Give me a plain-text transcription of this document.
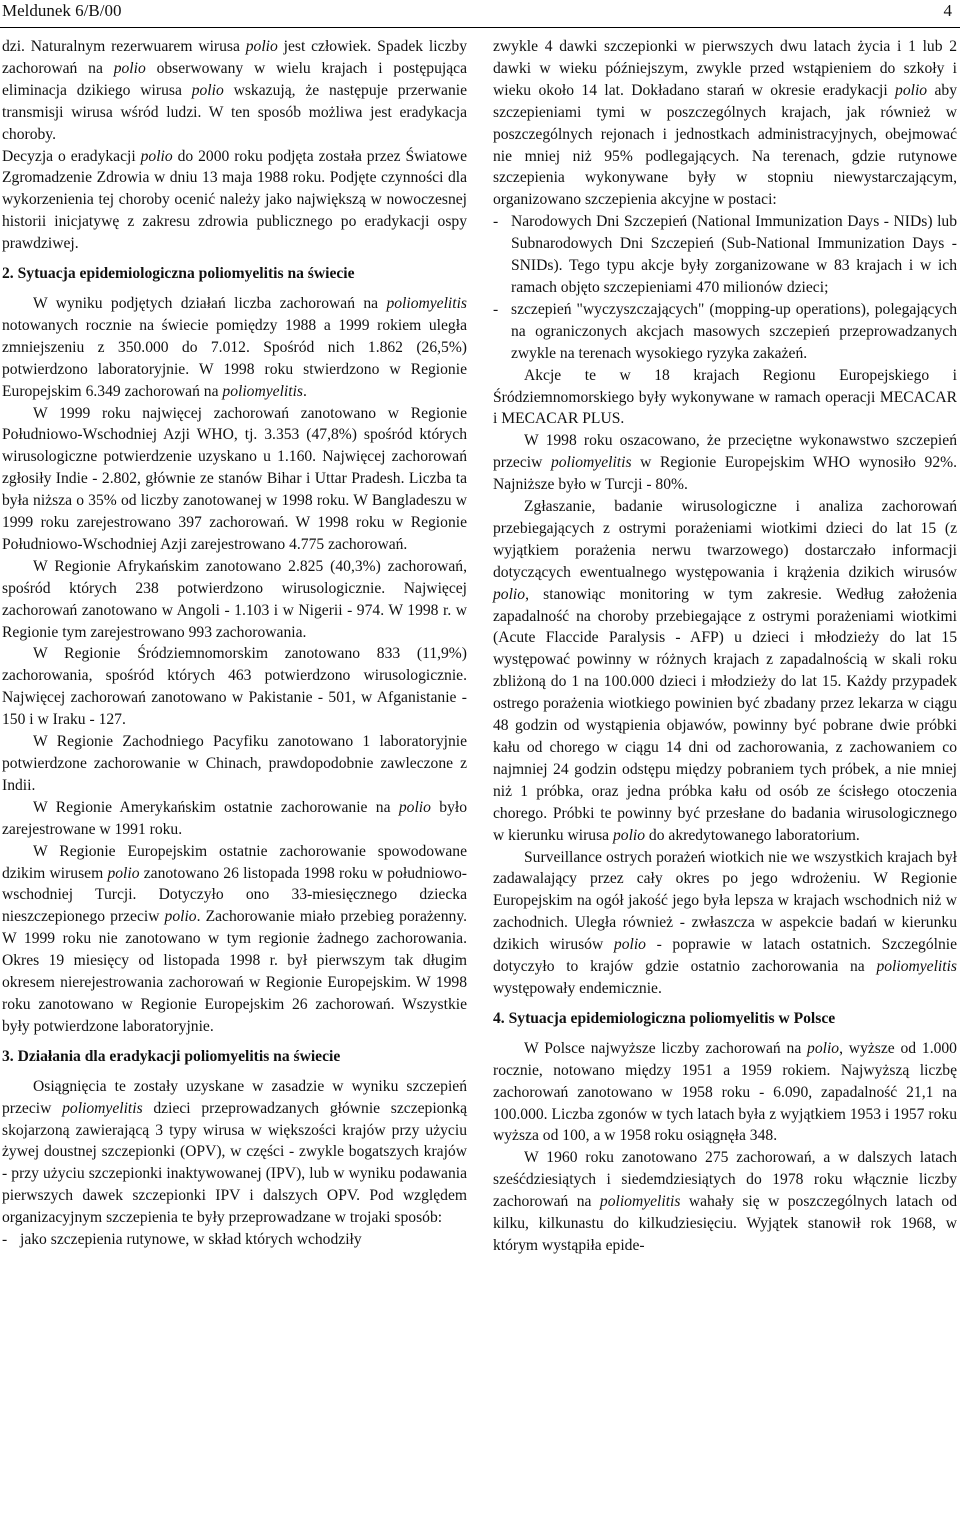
Meldunek 6/B/00	4

dzi. Naturalnym rezerwuarem wirusa polio jest człowiek. Spadek liczby zachorowań na polio obserwowany w wielu krajach i postępująca eliminacja dzikiego wirusa polio wskazują, że następuje przerwanie transmisji wirusa wśród ludzi. W ten sposób możliwa jest eradykacja choroby.

Decyzja o eradykacji polio do 2000 roku podjęta została przez Światowe Zgromadzenie Zdrowia w dniu 13 maja 1988 roku. Podjęte czynności dla wykorzenienia tej choroby ocenić należy jako największą w nowoczesnej historii inicjatywę z zakresu zdrowia publicznego po eradykacji ospy prawdziwej.

2. Sytuacja epidemiologiczna poliomyelitis na świecie

W wyniku podjętych działań liczba zachorowań na poliomyelitis notowanych rocznie na świecie pomiędzy 1988 a 1999 rokiem uległa zmniejszeniu z 350.000 do 7.012. Spośród nich 1.862 (26,5%) potwierdzono laboratoryjnie. W 1998 roku stwierdzono w Regionie Europejskim 6.349 zachorowań na poliomyelitis.

W 1999 roku najwięcej zachorowań zanotowano w Regionie Południowo-Wschodniej Azji WHO, tj. 3.353 (47,8%) spośród których wirusologiczne potwierdzenie uzyskano u 1.160. Najwięcej zachorowań zgłosiły Indie - 2.802, głównie ze stanów Bihar i Uttar Pradesh. Liczba ta była niższa o 35% od liczby zanotowanej w 1998 roku. W Bangladeszu w 1999 roku zarejestrowano 397 zachorowań. W 1998 roku w Regionie Południowo-Wschodniej Azji zarejestrowano 4.775 zachorowań.

W Regionie Afrykańskim zanotowano 2.825 (40,3%) zachorowań, spośród których 238 potwierdzono wirusologicznie. Najwięcej zachorowań zanotowano w Angoli - 1.103 i w Nigerii - 974. W 1998 r. w Regionie tym zarejestrowano 993 zachorowania.

W Regionie Śródziemnomorskim zanotowano 833 (11,9%) zachorowania, spośród których 463 potwierdzono wirusologicznie. Najwięcej zachorowań zanotowano w Pakistanie - 501, w Afganistanie - 150 i w Iraku - 127.

W Regionie Zachodniego Pacyfiku zanotowano 1 laboratoryjnie potwierdzone zachorowanie w Chinach, prawdopodobnie zawleczone z Indii.

W Regionie Amerykańskim ostatnie zachorowanie na polio było zarejestrowane w 1991 roku.

W Regionie Europejskim ostatnie zachorowanie spowodowane dzikim wirusem polio zanotowano 26 listopada 1998 roku w południowo-wschodniej Turcji. Dotyczyło ono 33-miesięcznego dziecka nieszczepionego przeciw polio. Zachorowanie miało przebieg porażenny. W 1999 roku nie zanotowano w tym regionie żadnego zachorowania. Okres 19 miesięcy od listopada 1998 r. był pierwszym tak długim okresem nierejestrowania zachorowań w Regionie Europejskim. W 1998 roku zanotowano w Regionie Europejskim 26 zachorowań. Wszystkie były potwierdzone laboratoryjnie.

3. Działania dla eradykacji poliomyelitis na świecie

Osiągnięcia te zostały uzyskane w zasadzie w wyniku szczepień przeciw poliomyelitis dzieci przeprowadzanych głównie szczepionką skojarzoną zawierającą 3 typy wirusa w większości krajów przy użyciu żywej doustnej szczepionki (OPV), w części - zwykle bogatszych krajów - przy użyciu szczepionki inaktywowanej (IPV), lub w wyniku podawania pierwszych dawek szczepionki IPV i dalszych OPV. Pod względem organizacyjnym szczepienia te były przeprowadzane w trojaki sposób:

- jako szczepienia rutynowe, w skład których wchodziły

zwykle 4 dawki szczepionki w pierwszych dwu latach życia i 1 lub 2 dawki w wieku późniejszym, zwykle przed wstąpieniem do szkoły i wieku około 14 lat. Dokładano starań w okresie eradykacji polio aby szczepieniami tymi w poszczególnych krajach, jak również w poszczególnych rejonach i jednostkach administracyjnych, obejmować nie mniej niż 95% podlegających. Na terenach, gdzie rutynowe szczepienia wykonywane były w stopniu niewystarczającym, organizowano szczepienia akcyjne w postaci:

- Narodowych Dni Szczepień (National Immunization Days - NIDs) lub Subnarodowych Dni Szczepień (Sub-National Immunization Days - SNIDs). Tego typu akcje były zorganizowane w 83 krajach i w ich ramach objęto szczepieniami 470 milionów dzieci;
- szczepień "wyczyszczających" (mopping-up operations), polegających na ograniczonych akcjach masowych szczepień przeprowadzanych zwykle na terenach wysokiego ryzyka zakażeń.

Akcje te w 18 krajach Regionu Europejskiego i Śródziemnomorskiego były wykonywane w ramach operacji MECACAR i MECACAR PLUS.

W 1998 roku oszacowano, że przeciętne wykonawstwo szczepień przeciw poliomyelitis w Regionie Europejskim WHO wynosiło 92%. Najniższe było w Turcji - 80%.

Zgłaszanie, badanie wirusologiczne i analiza zachorowań przebiegających z ostrymi porażeniami wiotkimi dzieci do lat 15 (z wyjątkiem porażenia nerwu twarzowego) dostarczało informacji dotyczących ewentualnego występowania i krążenia dzikich wirusów polio, stanowiąc monitoring w tym zakresie. Według założenia zapadalność na choroby przebiegające z ostrymi porażeniami wiotkimi (Acute Flaccide Paralysis - AFP) u dzieci i młodzieży do lat 15 występować powinny w różnych krajach z zapadalnością w skali roku zbliżoną do 1 na 100.000 dzieci i młodzieży do lat 15. Każdy przypadek ostrego porażenia wiotkiego powinien być zbadany przez lekarza w ciągu 48 godzin od wystąpienia objawów, powinny być pobrane dwie próbki kału od chorego w ciągu 14 dni od zachorowania, z zachowaniem co najmniej 24 godzin odstępu między pobraniem tych próbek, a nie mniej niż 1 próbka, oraz jedna próbka kału od osób ze ścisłego otoczenia chorego. Próbki te powinny być przesłane do badania wirusologicznego w kierunku wirusa polio do akredytowanego laboratorium.

Surveillance ostrych porażeń wiotkich nie we wszystkich krajach był zadawalający przez cały okres po jego wdrożeniu. W Regionie Europejskim na ogół jakość jego była lepsza w krajach wschodnich niż w zachodnich. Uległa również - zwłaszcza w aspekcie badań w kierunku dzikich wirusów polio - poprawie w latach ostatnich. Szczególnie dotyczyło to krajów gdzie ostatnio zachorowania na poliomyelitis występowały endemicznie.

4. Sytuacja epidemiologiczna poliomyelitis w Polsce

W Polsce najwyższe liczby zachorowań na polio, wyższe od 1.000 rocznie, notowano między 1951 a 1959 rokiem. Najwyższą liczbę zachorowań zanotowano w 1958 roku - 6.090, zapadalność 21,1 na 100.000. Liczba zgonów w tych latach była z wyjątkiem 1953 i 1957 roku wyższa od 100, a w 1958 roku osiągnęła 348.

W 1960 roku zanotowano 275 zachorowań, a w dalszych latach sześćdziesiątych i siedemdziesiątych do 1978 roku włącznie liczby zachorowań na poliomyelitis wahały się w poszczególnych latach od kilku, kilkunastu do kilkudziesięciu. Wyjątek stanowił rok 1968, w którym wystąpiła epide-
